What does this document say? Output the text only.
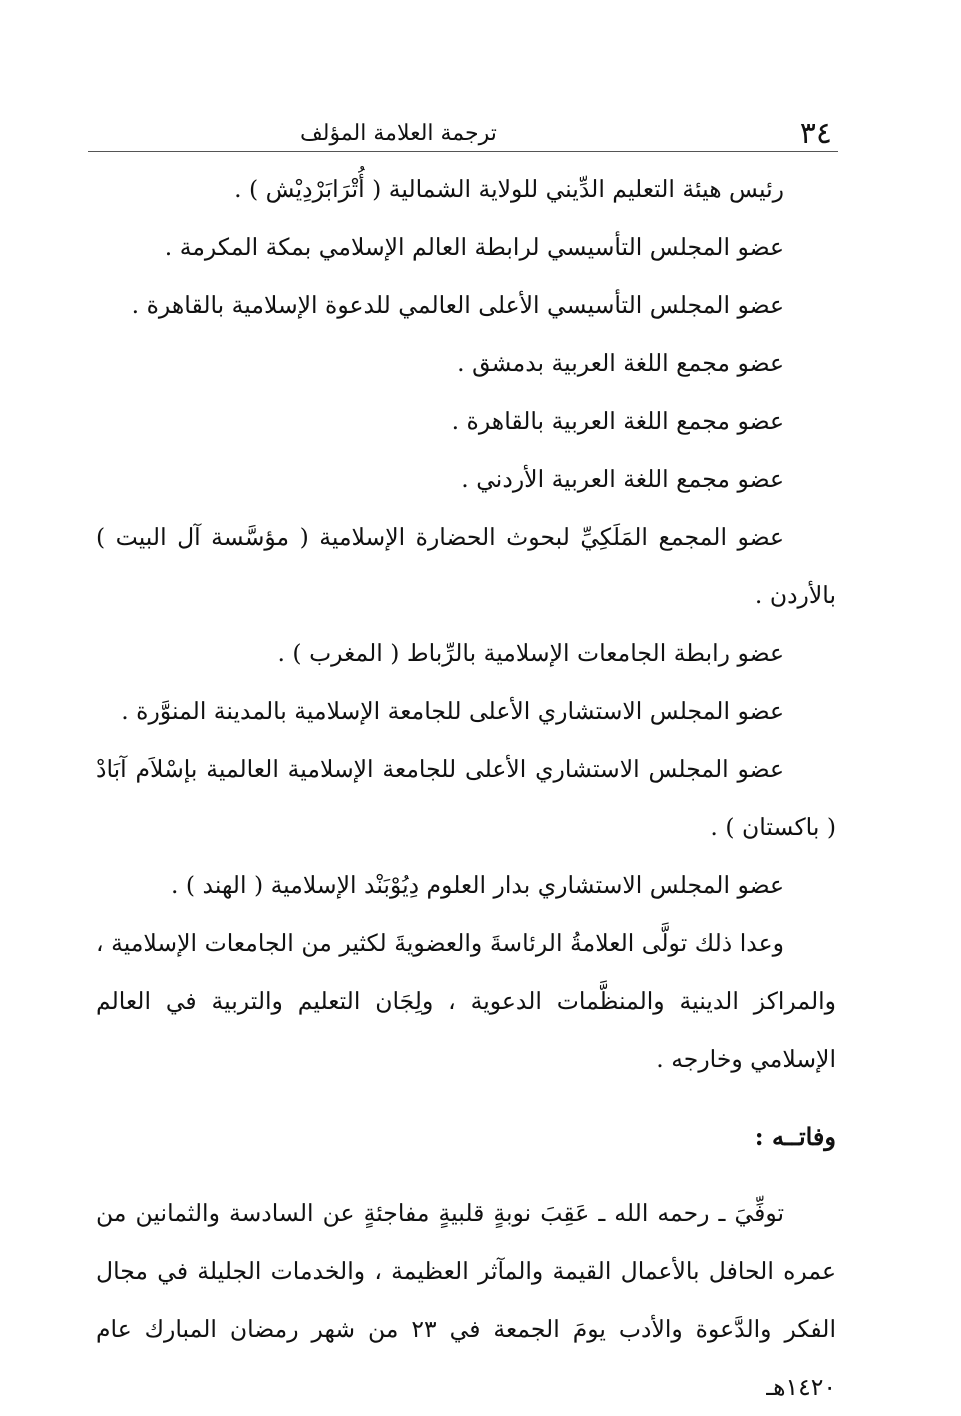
٣٤
ترجمة العلامة المؤلف

رئيس هيئة التعليم الدِّيني للولاية الشمالية ( أُتْرَابَرْدِيْش ) .

عضو المجلس التأسيسي لرابطة العالم الإسلامي بمكة المكرمة .

عضو المجلس التأسيسي الأعلى العالمي للدعوة الإسلامية بالقاهرة .

عضو مجمع اللغة العربية بدمشق .

عضو مجمع اللغة العربية بالقاهرة .

عضو مجمع اللغة العربية الأردني .

عضو المجمع المَلَكِيِّ لبحوث الحضارة الإسلامية ( مؤسَّسة آل البيت ) بالأردن .

عضو رابطة الجامعات الإسلامية بالرِّباط ( المغرب ) .

عضو المجلس الاستشاري الأعلى للجامعة الإسلامية بالمدينة المنوَّرة .

عضو المجلس الاستشاري الأعلى للجامعة الإسلامية العالمية بإسْلاَم آبَادْ ( باكستان ) .

عضو المجلس الاستشاري بدار العلوم دِيُوْبَنْد الإسلامية ( الهند ) .

وعدا ذلك تولَّى العلامةُ الرئاسةَ والعضويةَ لكثير من الجامعات الإسلامية ، والمراكز الدينية والمنظَّمات الدعوية ، ولِجَان التعليم والتربية في العالم الإسلامي وخارجه .

وفاتــه :

توفِّيَ ـ رحمه الله ـ عَقِبَ نوبةٍ قلبيةٍ مفاجئةٍ عن السادسة والثمانين من عمره الحافل بالأعمال القيمة والمآثر العظيمة ، والخدمات الجليلة في مجال الفكر والدَّعوة والأدب يومَ الجمعة في ٢٣ من شهر رمضان المبارك عام ١٤٢٠هـ
